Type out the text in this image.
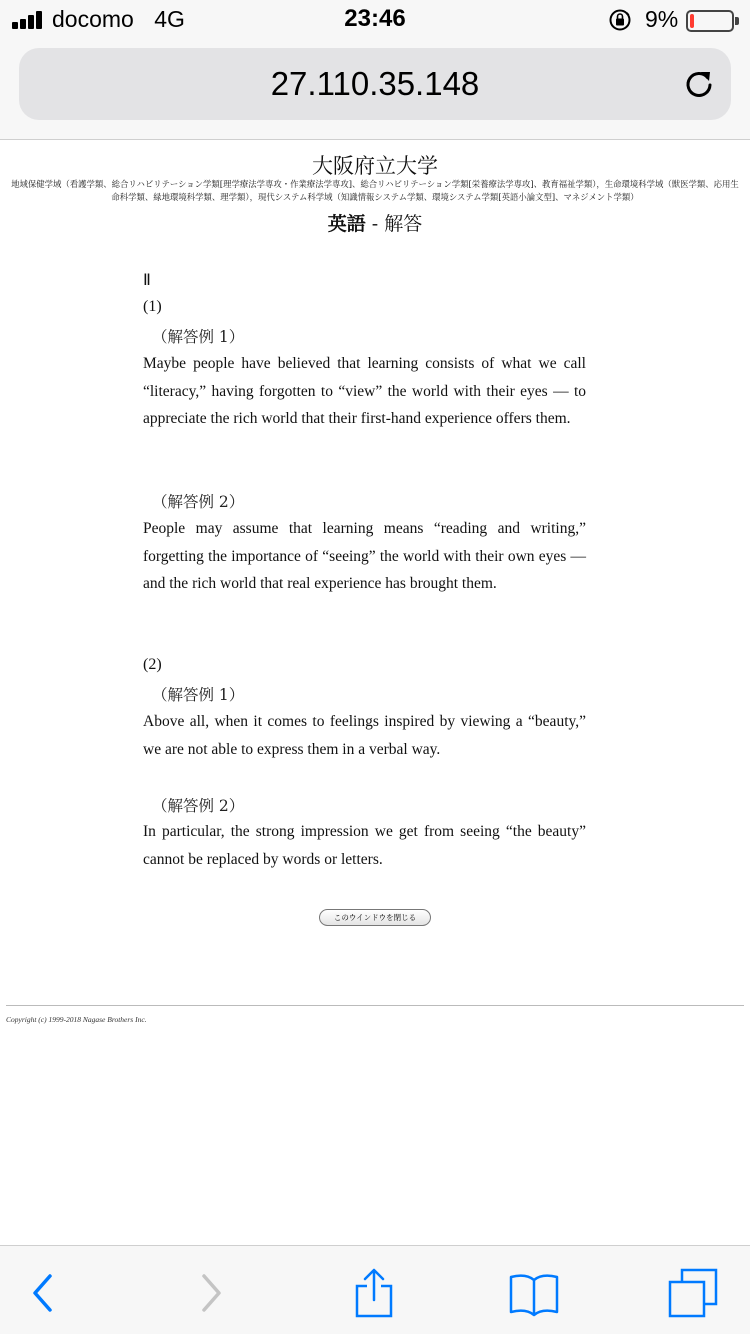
docomo 4G	23:46	9%
27.110.35.148
大阪府立大学
地域保健学域（看護学類、総合リハビリテーション学類[理学療法学専攻・作業療法学専攻]、総合リハビリテーション学類[栄養療法学専攻]、教育福祉学類），生命環境科学域（獣医学類、応用生
命科学類、緑地環境科学類、理学類），現代システム科学域（知識情報システム学類、環境システム学類[英語小論文型]、マネジメント学類）
英語 - 解答
Ⅱ
(1)
（解答例 1）
Maybe people have believed that learning consists of what we call “literacy,” having forgotten to “view” the world with their eyes ― to appreciate the rich world that their first-hand experience offers them.
（解答例 2）
People may assume that learning means “reading and writing,” forgetting the importance of “seeing” the world with their own eyes ― and the rich world that real experience has brought them.
(2)
（解答例 1）
Above all, when it comes to feelings inspired by viewing a “beauty,” we are not able to express them in a verbal way.
（解答例 2）
In particular, the strong impression we get from seeing “the beauty” cannot be replaced by words or letters.
このウインドウを閉じる
Copyright (c) 1999-2018 Nagase Brothers Inc.
